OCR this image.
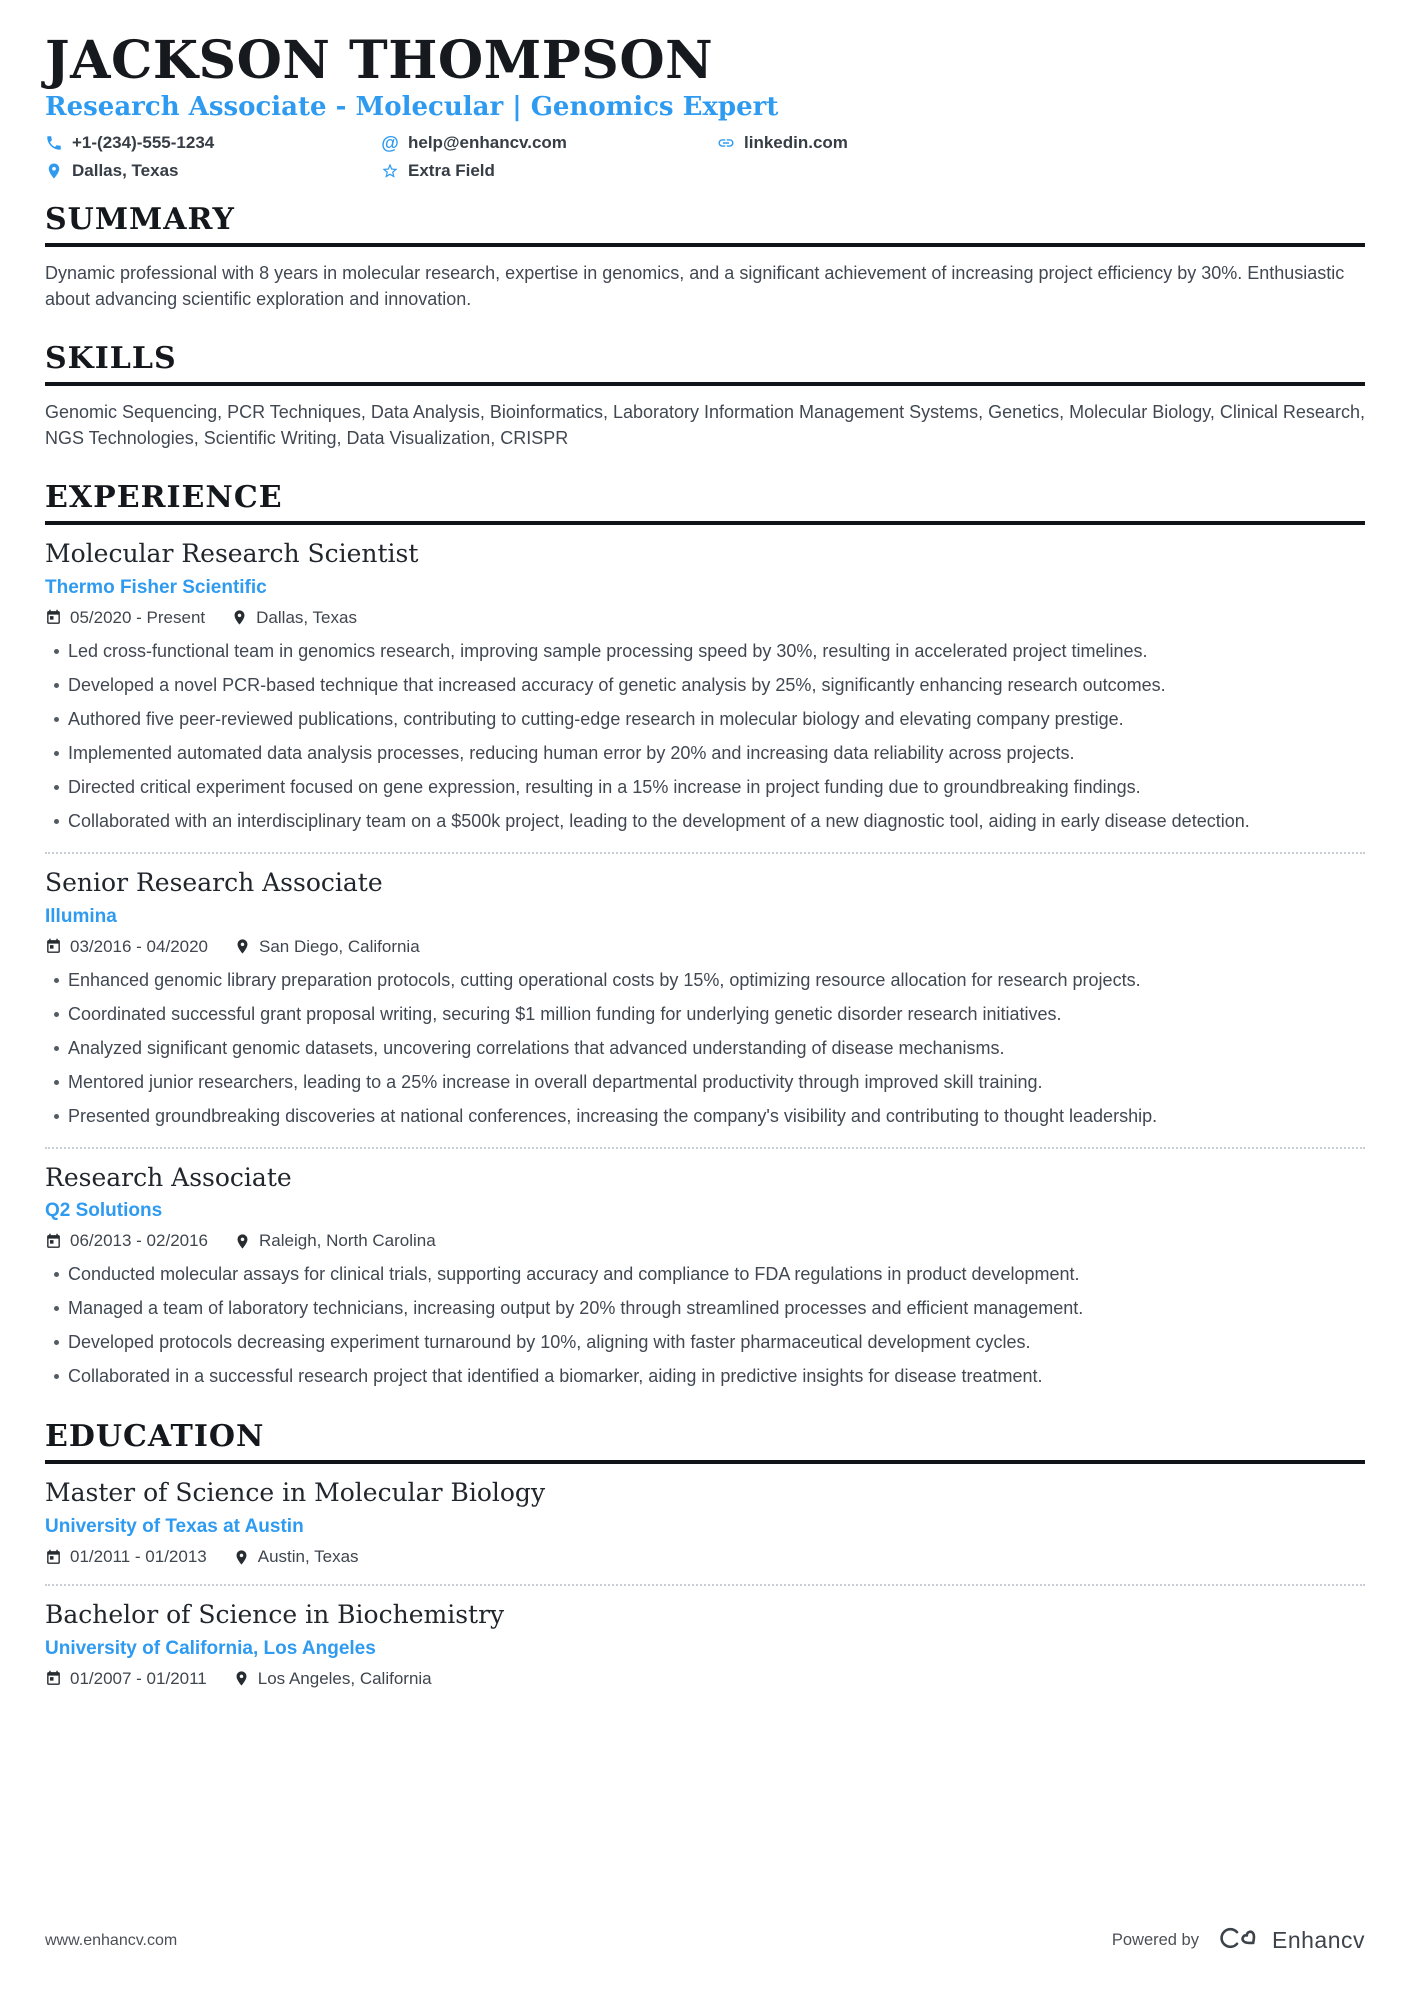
JACKSON THOMPSON
Research Associate - Molecular | Genomics Expert
+1-(234)-555-1234	@ help@enhancv.com	linkedin.com
Dallas, Texas	Extra Field
SUMMARY

Dynamic professional with 8 years in molecular research, expertise in genomics, and a significant achievement of increasing project efficiency by 30%. Enthusiastic about advancing scientific exploration and innovation.

SKILLS

Genomic Sequencing, PCR Techniques, Data Analysis, Bioinformatics, Laboratory Information Management Systems, Genetics, Molecular Biology, Clinical Research, NGS Technologies, Scientific Writing, Data Visualization, CRISPR

EXPERIENCE
Molecular Research Scientist
Thermo Fisher Scientific
05/2020 - Present	Dallas, Texas
Led cross-functional team in genomics research, improving sample processing speed by 30%, resulting in accelerated project timelines.
Developed a novel PCR-based technique that increased accuracy of genetic analysis by 25%, significantly enhancing research outcomes.
Authored five peer-reviewed publications, contributing to cutting-edge research in molecular biology and elevating company prestige.
Implemented automated data analysis processes, reducing human error by 20% and increasing data reliability across projects.
Directed critical experiment focused on gene expression, resulting in a 15% increase in project funding due to groundbreaking findings.
Collaborated with an interdisciplinary team on a $500k project, leading to the development of a new diagnostic tool, aiding in early disease detection.
Senior Research Associate
Illumina
03/2016 - 04/2020	San Diego, California
Enhanced genomic library preparation protocols, cutting operational costs by 15%, optimizing resource allocation for research projects.
Coordinated successful grant proposal writing, securing $1 million funding for underlying genetic disorder research initiatives.
Analyzed significant genomic datasets, uncovering correlations that advanced understanding of disease mechanisms.
Mentored junior researchers, leading to a 25% increase in overall departmental productivity through improved skill training.
Presented groundbreaking discoveries at national conferences, increasing the company's visibility and contributing to thought leadership.
Research Associate
Q2 Solutions
06/2013 - 02/2016	Raleigh, North Carolina
Conducted molecular assays for clinical trials, supporting accuracy and compliance to FDA regulations in product development.
Managed a team of laboratory technicians, increasing output by 20% through streamlined processes and efficient management.
Developed protocols decreasing experiment turnaround by 10%, aligning with faster pharmaceutical development cycles.
Collaborated in a successful research project that identified a biomarker, aiding in predictive insights for disease treatment.
EDUCATION
Master of Science in Molecular Biology
University of Texas at Austin
01/2011 - 01/2013	Austin, Texas
Bachelor of Science in Biochemistry
University of California, Los Angeles
01/2007 - 01/2011	Los Angeles, California
www.enhancv.com	Powered by	Enhancv
